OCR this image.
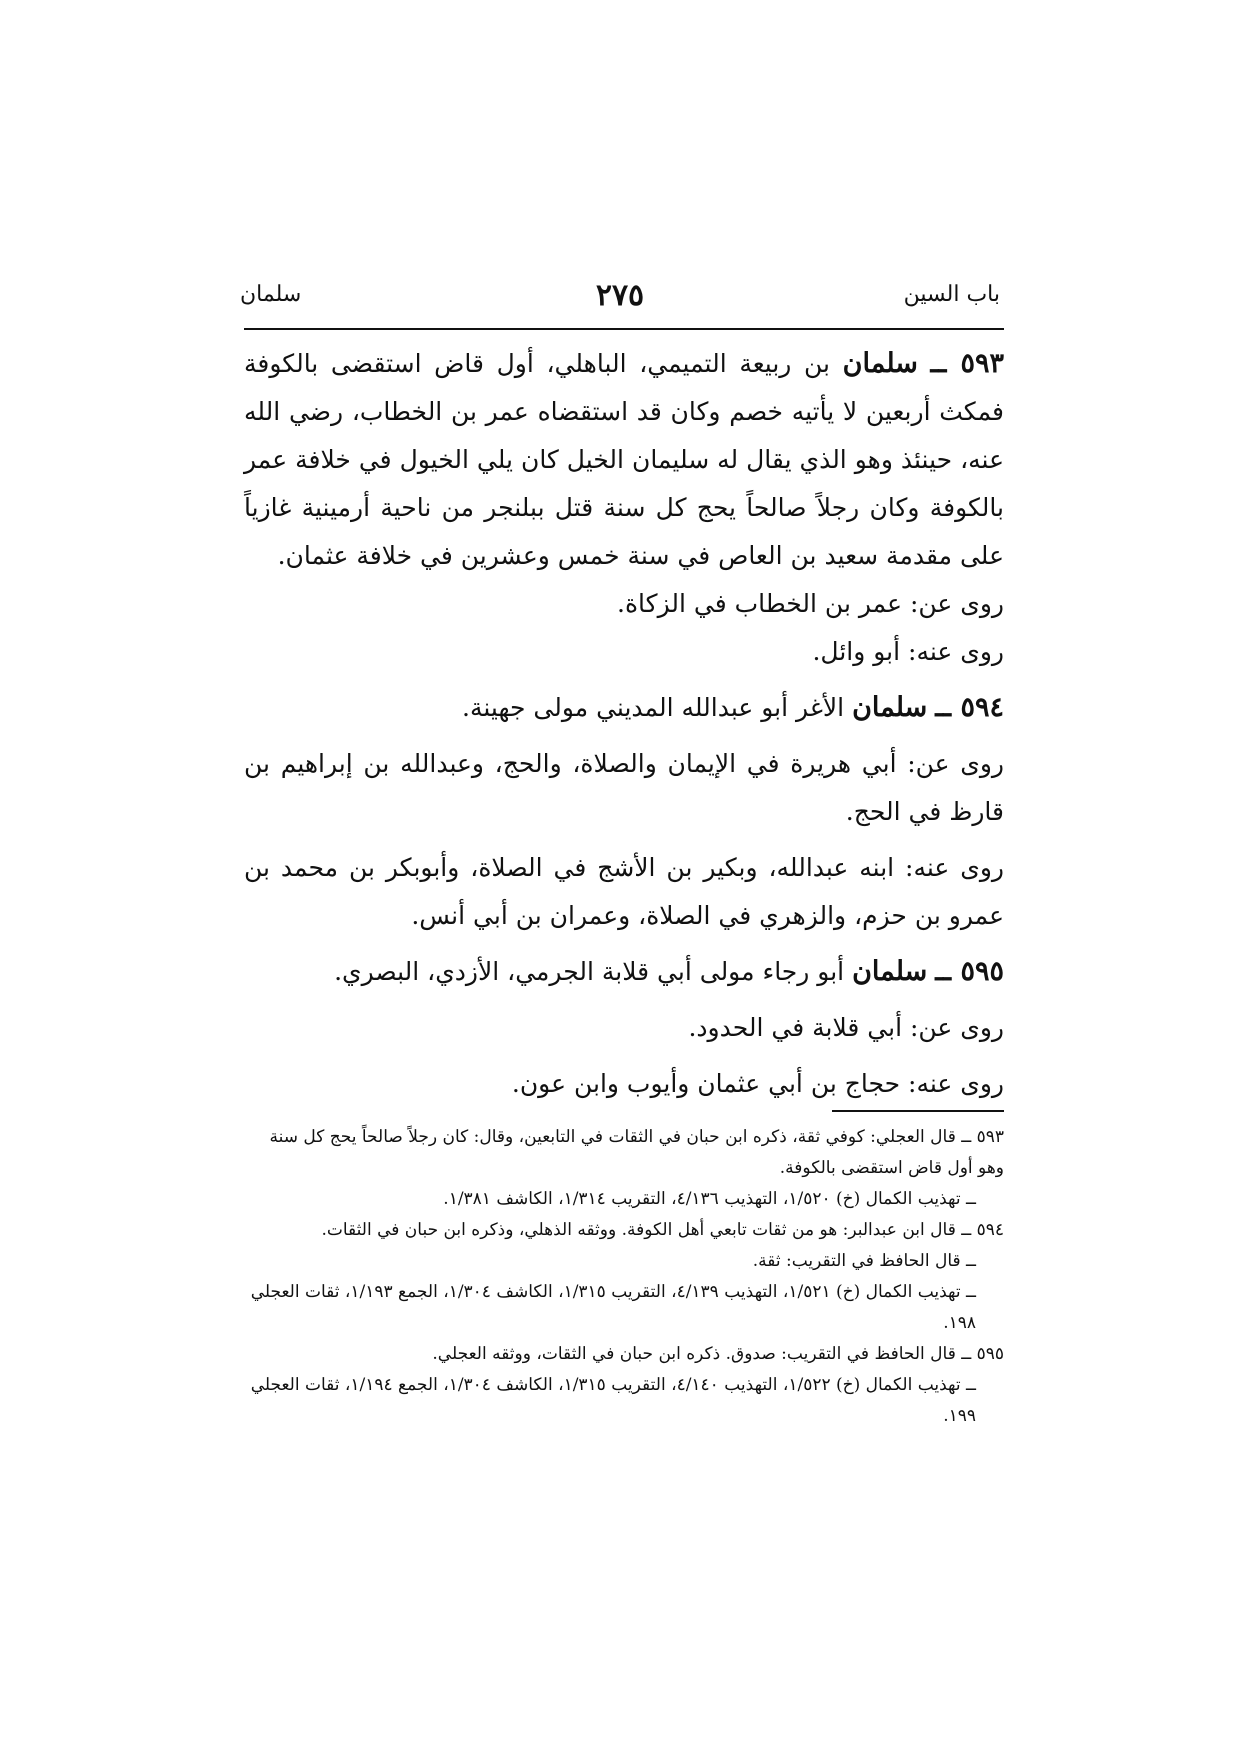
باب السين
٢٧٥
سلمان

٥٩٣ ــ سلمان بن ربيعة التميمي، الباهلي، أول قاض استقضى بالكوفة فمكث أربعين لا يأتيه خصم وكان قد استقضاه عمر بن الخطاب، رضي الله عنه، حينئذ وهو الذي يقال له سليمان الخيل كان يلي الخيول في خلافة عمر بالكوفة وكان رجلاً صالحاً يحج كل سنة قتل ببلنجر من ناحية أرمينية غازياً على مقدمة سعيد بن العاص في سنة خمس وعشرين في خلافة عثمان.

روى عن: عمر بن الخطاب في الزكاة.

روى عنه: أبو وائل.

٥٩٤ ــ سلمان الأغر أبو عبدالله المديني مولى جهينة.

روى عن: أبي هريرة في الإيمان والصلاة، والحج، وعبدالله بن إبراهيم بن قارظ في الحج.

روى عنه: ابنه عبدالله، وبكير بن الأشج في الصلاة، وأبوبكر بن محمد بن عمرو بن حزم، والزهري في الصلاة، وعمران بن أبي أنس.

٥٩٥ ــ سلمان أبو رجاء مولى أبي قلابة الجرمي، الأزدي، البصري.

روى عن: أبي قلابة في الحدود.

روى عنه: حجاج بن أبي عثمان وأيوب وابن عون.

٥٩٣ ــ قال العجلي: كوفي ثقة، ذكره ابن حبان في الثقات في التابعين، وقال: كان رجلاً صالحاً يحج كل سنة وهو أول قاض استقضى بالكوفة.

ــ تهذيب الكمال (خ) ١/٥٢٠، التهذيب ٤/١٣٦، التقريب ١/٣١٤، الكاشف ١/٣٨١.

٥٩٤ ــ قال ابن عبدالبر: هو من ثقات تابعي أهل الكوفة. ووثقه الذهلي، وذكره ابن حبان في الثقات.

ــ قال الحافظ في التقريب: ثقة.

ــ تهذيب الكمال (خ) ١/٥٢١، التهذيب ٤/١٣٩، التقريب ١/٣١٥، الكاشف ١/٣٠٤، الجمع ١/١٩٣، ثقات العجلي ١٩٨.

٥٩٥ ــ قال الحافظ في التقريب: صدوق. ذكره ابن حبان في الثقات، ووثقه العجلي.

ــ تهذيب الكمال (خ) ١/٥٢٢، التهذيب ٤/١٤٠، التقريب ١/٣١٥، الكاشف ١/٣٠٤، الجمع ١/١٩٤، ثقات العجلي ١٩٩.
